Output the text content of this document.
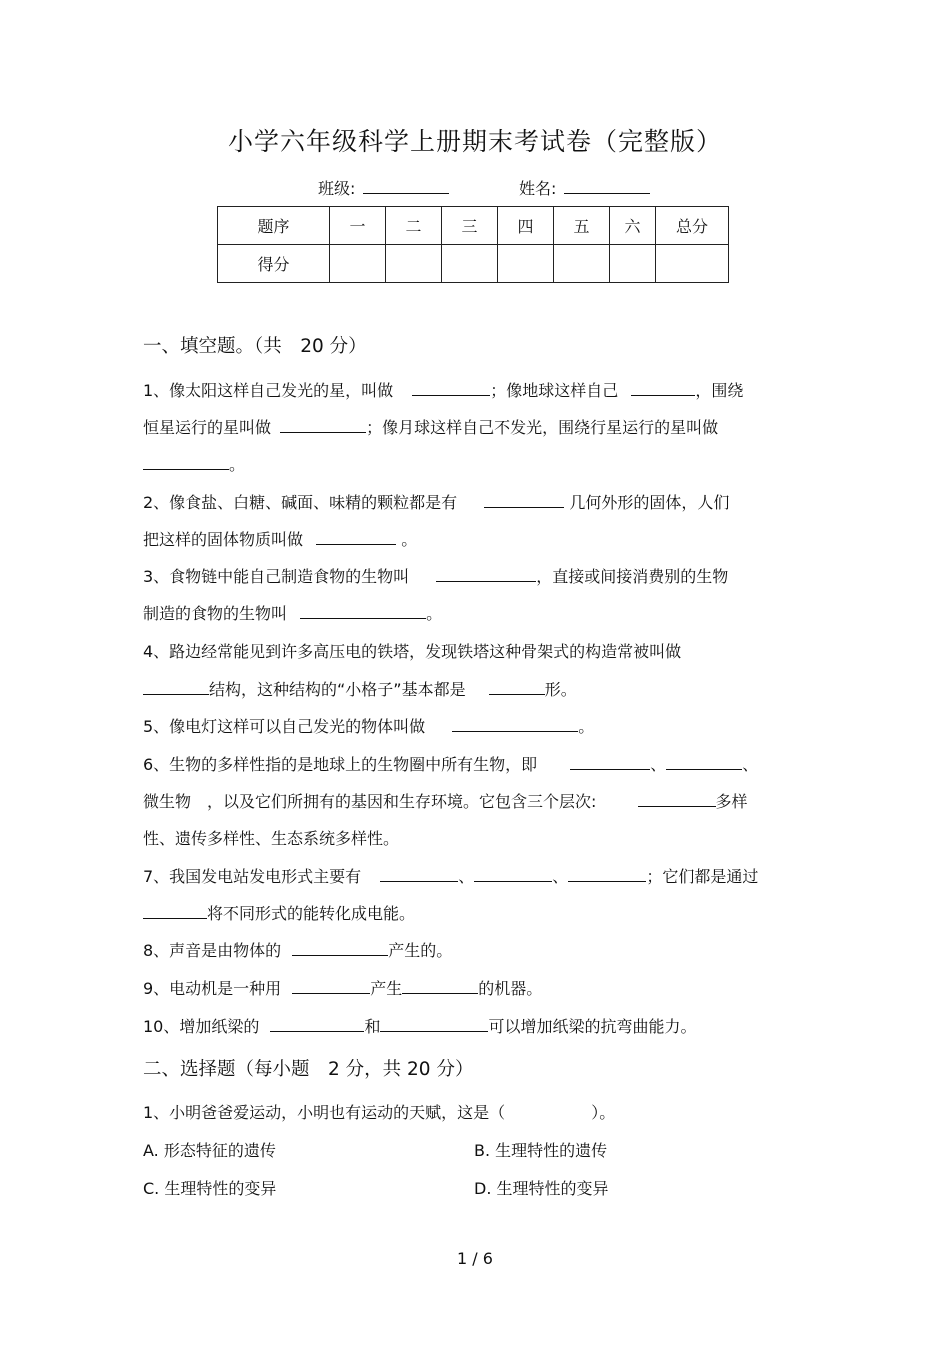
小学六年级科学上册期末考试卷（完整版）
班级:	姓名:
题序	一	二	三	四	五	六	总分
得分							
一、填空题。（共　20 分）
1、像太阳这样自己发光的星，叫做	；像地球这样自己	，围绕
恒星运行的星叫做	；像月球这样自己不发光，围绕行星运行的星叫做
。
2、像食盐、白糖、碱面、味精的颗粒都是有	几何外形的固体，人们
把这样的固体物质叫做	。
3、食物链中能自己制造食物的生物叫	，直接或间接消费别的生物
制造的食物的生物叫	。
4、路边经常能见到许多高压电的铁塔，发现铁塔这种骨架式的构造常被叫做
结构，这种结构的“小格子”基本都是	形。
5、像电灯这样可以自己发光的物体叫做	。
6、生物的多样性指的是地球上的生物圈中所有生物，即	、	、
微生物　，以及它们所拥有的基因和生存环境。它包含三个层次:	多样
性、遗传多样性、生态系统多样性。
7、我国发电站发电形式主要有	、	、	；它们都是通过
将不同形式的能转化成电能。
8、声音是由物体的	产生的。
9、电动机是一种用	产生	的机器。
10、增加纸梁的	和	可以增加纸梁的抗弯曲能力。
二、选择题（每小题　2 分，共 20 分）
1、小明爸爸爱运动，小明也有运动的天赋，这是（	）。
A. 形态特征的遗传	B. 生理特性的遗传
C. 生理特性的变异	D. 生理特性的变异
1 / 6
